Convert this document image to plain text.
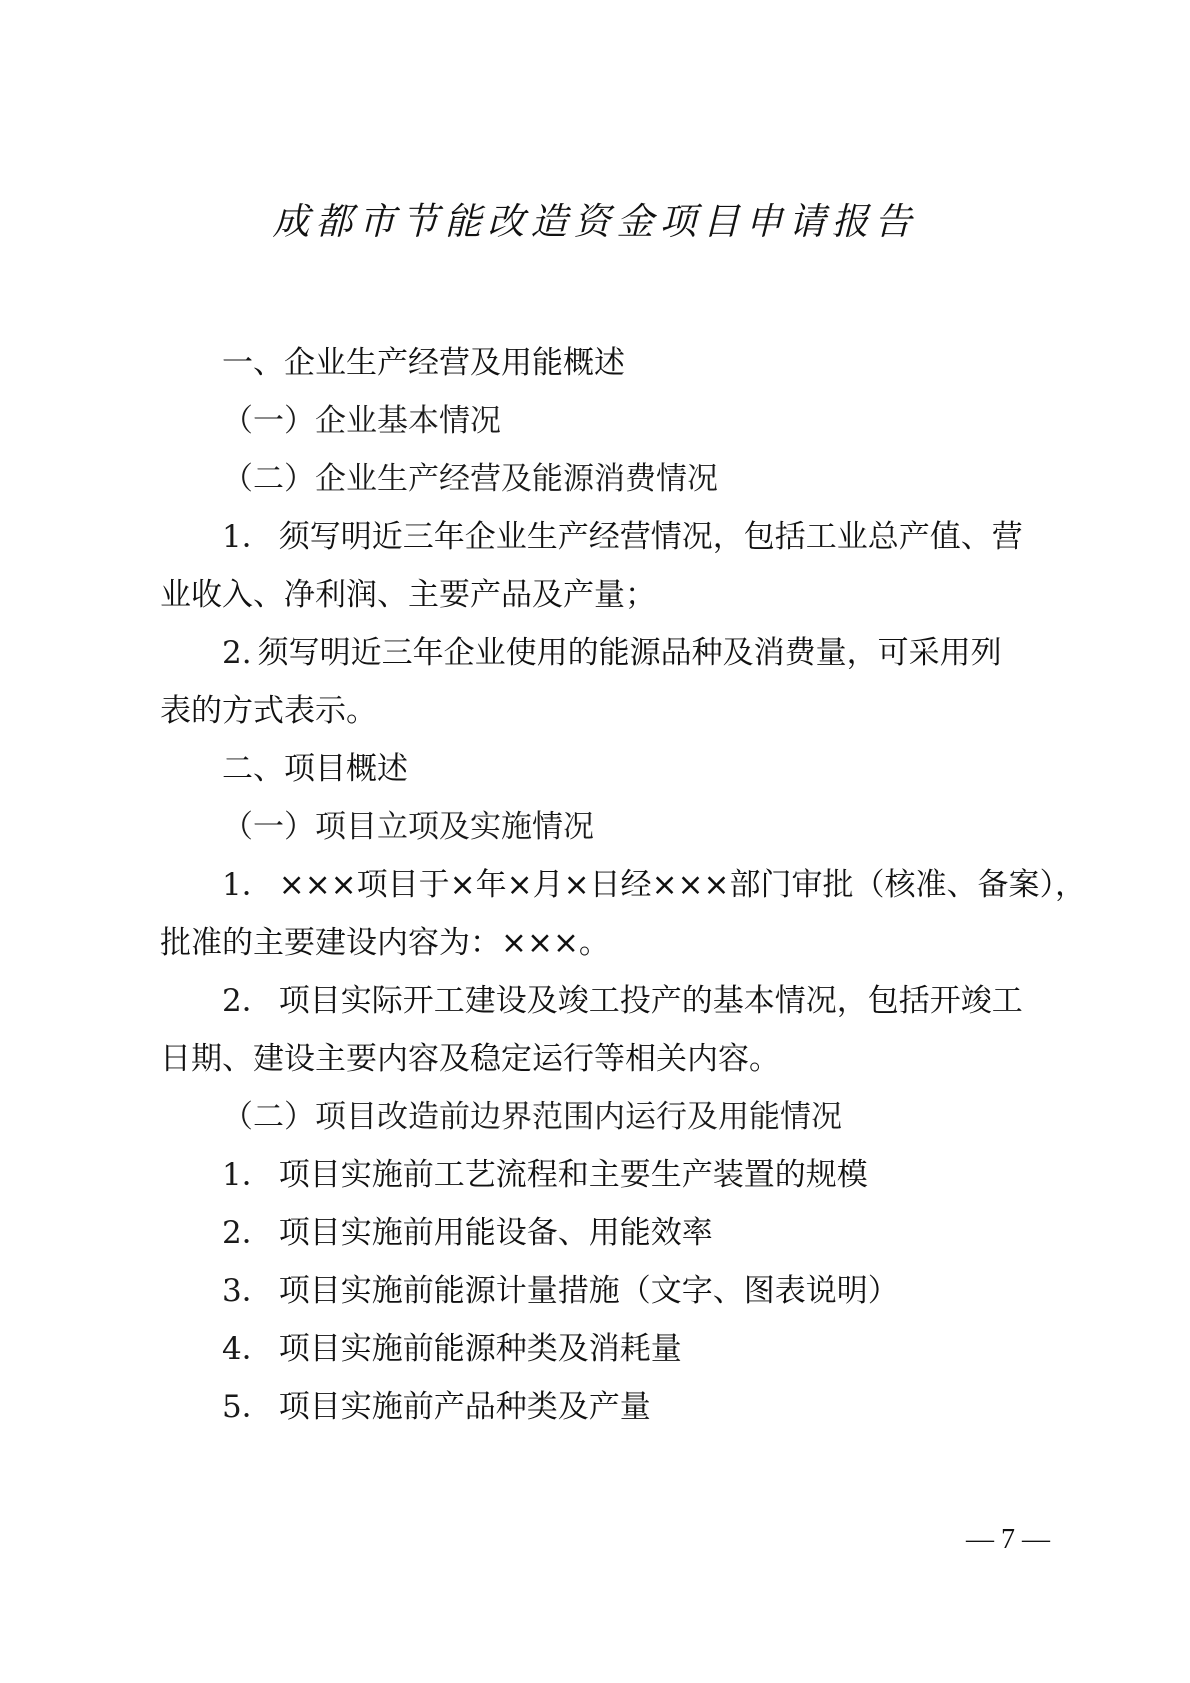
成都市节能改造资金项目申请报告
一、企业生产经营及用能概述
（一）企业基本情况
（二）企业生产经营及能源消费情况
1． 须写明近三年企业生产经营情况，包括工业总产值、营
业收入、净利润、主要产品及产量；
2. 须写明近三年企业使用的能源品种及消费量，可采用列
表的方式表示。
二、项目概述
（一）项目立项及实施情况
1． ×××项目于×年×月×日经×××部门审批（核准、备案），
批准的主要建设内容为：×××。
2． 项目实际开工建设及竣工投产的基本情况，包括开竣工
日期、建设主要内容及稳定运行等相关内容。
（二）项目改造前边界范围内运行及用能情况
1． 项目实施前工艺流程和主要生产装置的规模
2． 项目实施前用能设备、用能效率
3． 项目实施前能源计量措施（文字、图表说明）
4． 项目实施前能源种类及消耗量
5． 项目实施前产品种类及产量
— 7 —
